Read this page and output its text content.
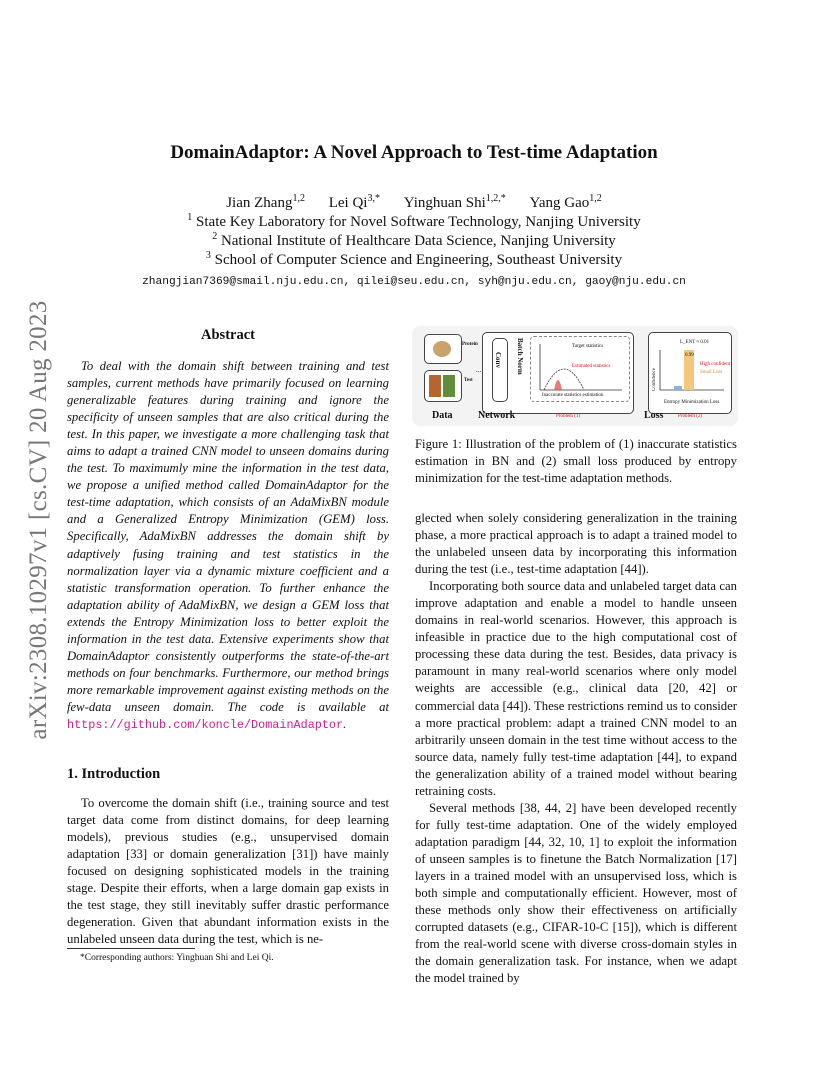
arXiv:2308.10297v1 [cs.CV] 20 Aug 2023
DomainAdaptor: A Novel Approach to Test-time Adaptation
Jian Zhang$^{1,2}$ Lei $Qi^{3,*}$ Yinghuan Shi$^{1,2,*}$ Yang Gao$^{1,2}$
$^1$ State Key Laboratory for Novel Software Technology, Nanjing University
$^2$ National Institute of Healthcare Data Science, Nanjing University
$^3$ School of Computer Science and Engineering, Southeast University
zhangjian7369@smail.nju.edu.cn, qilei@seu.edu.cn, syh@nju.edu.cn, gaoy@nju.edu.cn
Abstract

To deal with the domain shift between training and test samples, current methods have primarily focused on learning generalizable features during training and ignore the specificity of unseen samples that are also critical during the test. In this paper, we investigate a more challenging task that aims to adapt a trained CNN model to unseen domains during the test. To maximumly mine the information in the test data, we propose a unified method called DomainAdaptor for the test-time adaptation, which consists of an AdaMixBN module and a Generalized Entropy Minimization (GEM) loss. Specifically, AdaMixBN addresses the domain shift by adaptively fusing training and test statistics in the normalization layer via a dynamic mixture coefficient and a statistic transformation operation. To further enhance the adaptation ability of AdaMixBN, we design a GEM loss that extends the Entropy Minimization loss to better exploit the information in the test data. Extensive experiments show that DomainAdaptor consistently outperforms the state-of-the-art methods on four benchmarks. Furthermore, our method brings more remarkable improvement against existing methods on the few-data unseen domain. The code is available at https://github.com/koncle/DomainAdaptor.

1. Introduction

To overcome the domain shift (i.e., training source and test target data come from distinct domains, for deep learning models), previous studies (e.g., unsupervised domain adaptation [33] or domain generalization [31]) have mainly focused on designing sophisticated models in the training stage. Despite their efforts, when a large domain gap exists in the test stage, they still inevitably suffer drastic performance degeneration. Given that abundant information exists in the unlabeled unseen data during the test, which is ne-

*Corresponding authors: Yinghuan Shi and Lei Qi.
Protein
Test
Conv
...	Batch Norm	Target statistics
Estimated statistics
Inaccurate statistics estimation
L_ENT ≈ 0.01
0.99
High confident
Small Loss
Confidence
Entropy Minimization Loss
Data	Network	Problem (1)	Loss	Problem (2)
Figure 1: Illustration of the problem of (1) inaccurate statistics estimation in BN and (2) small loss produced by entropy minimization for the test-time adaptation methods.

glected when solely considering generalization in the training phase, a more practical approach is to adapt a trained model to the unlabeled unseen data by incorporating this information during the test (i.e., test-time adaptation [44]).

Incorporating both source data and unlabeled target data can improve adaptation and enable a model to handle unseen domains in real-world scenarios. However, this approach is infeasible in practice due to the high computational cost of processing these data during the test. Besides, data privacy is paramount in many real-world scenarios where only model weights are accessible (e.g., clinical data [20, 42] or commercial data [44]). These restrictions remind us to consider a more practical problem: adapt a trained CNN model to an arbitrarily unseen domain in the test time without access to the source data, namely fully test-time adaptation [44], to expand the generalization ability of a trained model without bearing retraining costs.

Several methods [38, 44, 2] have been developed recently for fully test-time adaptation. One of the widely employed adaptation paradigm [44, 32, 10, 1] to exploit the information of unseen samples is to finetune the Batch Normalization [17] layers in a trained model with an unsupervised loss, which is both simple and computationally efficient. However, most of these methods only show their effectiveness on artificially corrupted datasets (e.g., CIFAR-10-C [15]), which is different from the real-world scene with diverse cross-domain styles in the domain generalization task. For instance, when we adapt the model trained by
